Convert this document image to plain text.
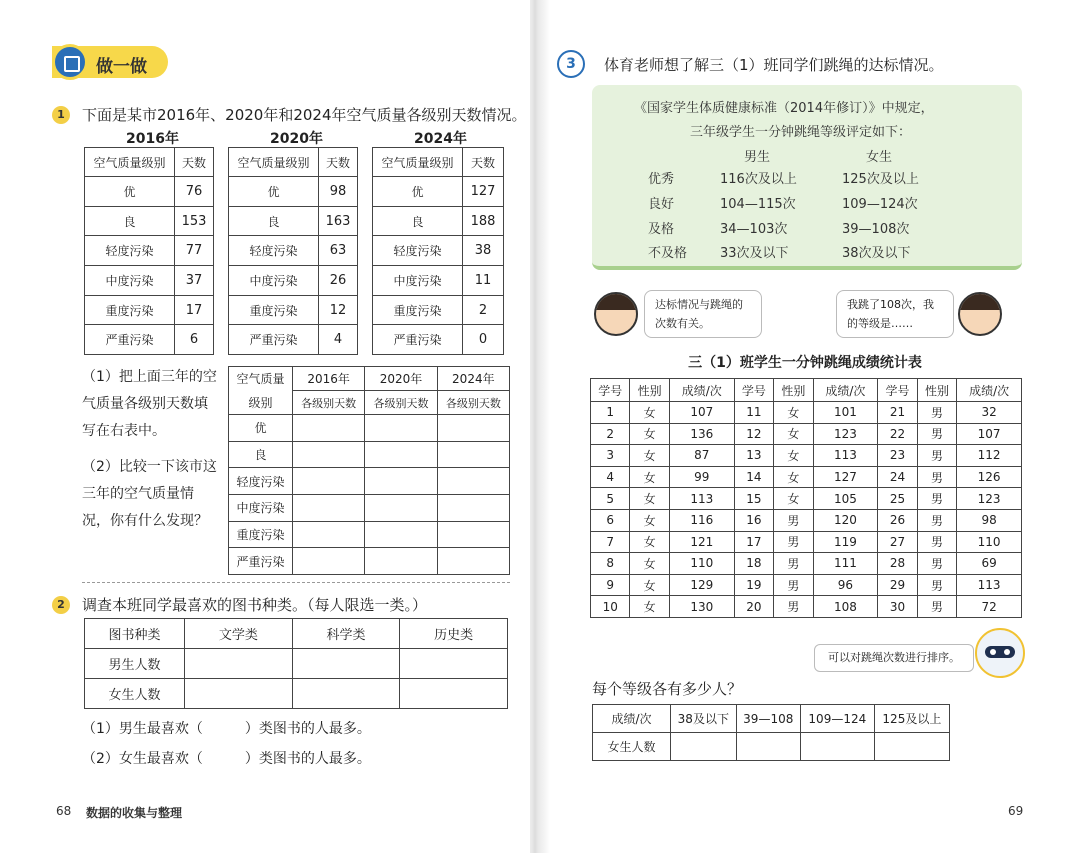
做一做
1	下面是某市2016年、2020年和2024年空气质量各级别天数情况。
2016年	2020年	2024年
空气质量级别	天数
优	76
良	153
轻度污染	77
中度污染	37
重度污染	17
严重污染	6
空气质量级别	天数
优	98
良	163
轻度污染	63
中度污染	26
重度污染	12
严重污染	4
空气质量级别	天数
优	127
良	188
轻度污染	38
中度污染	11
重度污染	2
严重污染	0
（1）把上面三年的空气质量各级别天数填写在右表中。
（2）比较一下该市这三年的空气质量情况，你有什么发现？
空气质量	2016年	2020年	2024年
级别	各级别天数	各级别天数	各级别天数
优			
良			
轻度污染			
中度污染			
重度污染			
严重污染			
2	调查本班同学最喜欢的图书种类。（每人限选一类。）
图书种类	文学类	科学类	历史类
男生人数			
女生人数			
（1）男生最喜欢（　　　）类图书的人最多。
（2）女生最喜欢（　　　）类图书的人最多。
68 数据的收集与整理
3	体育老师想了解三（1）班同学们跳绳的达标情况。
《国家学生体质健康标准（2014年修订）》中规定，
三年级学生一分钟跳绳等级评定如下：
男生	女生
优秀	116次及以上	125次及以上
良好	104—115次	109—124次
及格	34—103次	39—108次
不及格	33次及以下	38次及以下
达标情况与跳绳的次数有关。
我跳了108次，我的等级是……
三（1）班学生一分钟跳绳成绩统计表
学号	性别	成绩/次	学号	性别	成绩/次	学号	性别	成绩/次
1	女	107	11	女	101	21	男	32
2	女	136	12	女	123	22	男	107
3	女	87	13	女	113	23	男	112
4	女	99	14	女	127	24	男	126
5	女	113	15	女	105	25	男	123
6	女	116	16	男	120	26	男	98
7	女	121	17	男	119	27	男	110
8	女	110	18	男	111	28	男	69
9	女	129	19	男	96	29	男	113
10	女	130	20	男	108	30	男	72
可以对跳绳次数进行排序。
每个等级各有多少人？
成绩/次	38及以下	39—108	109—124	125及以上
女生人数				
69
